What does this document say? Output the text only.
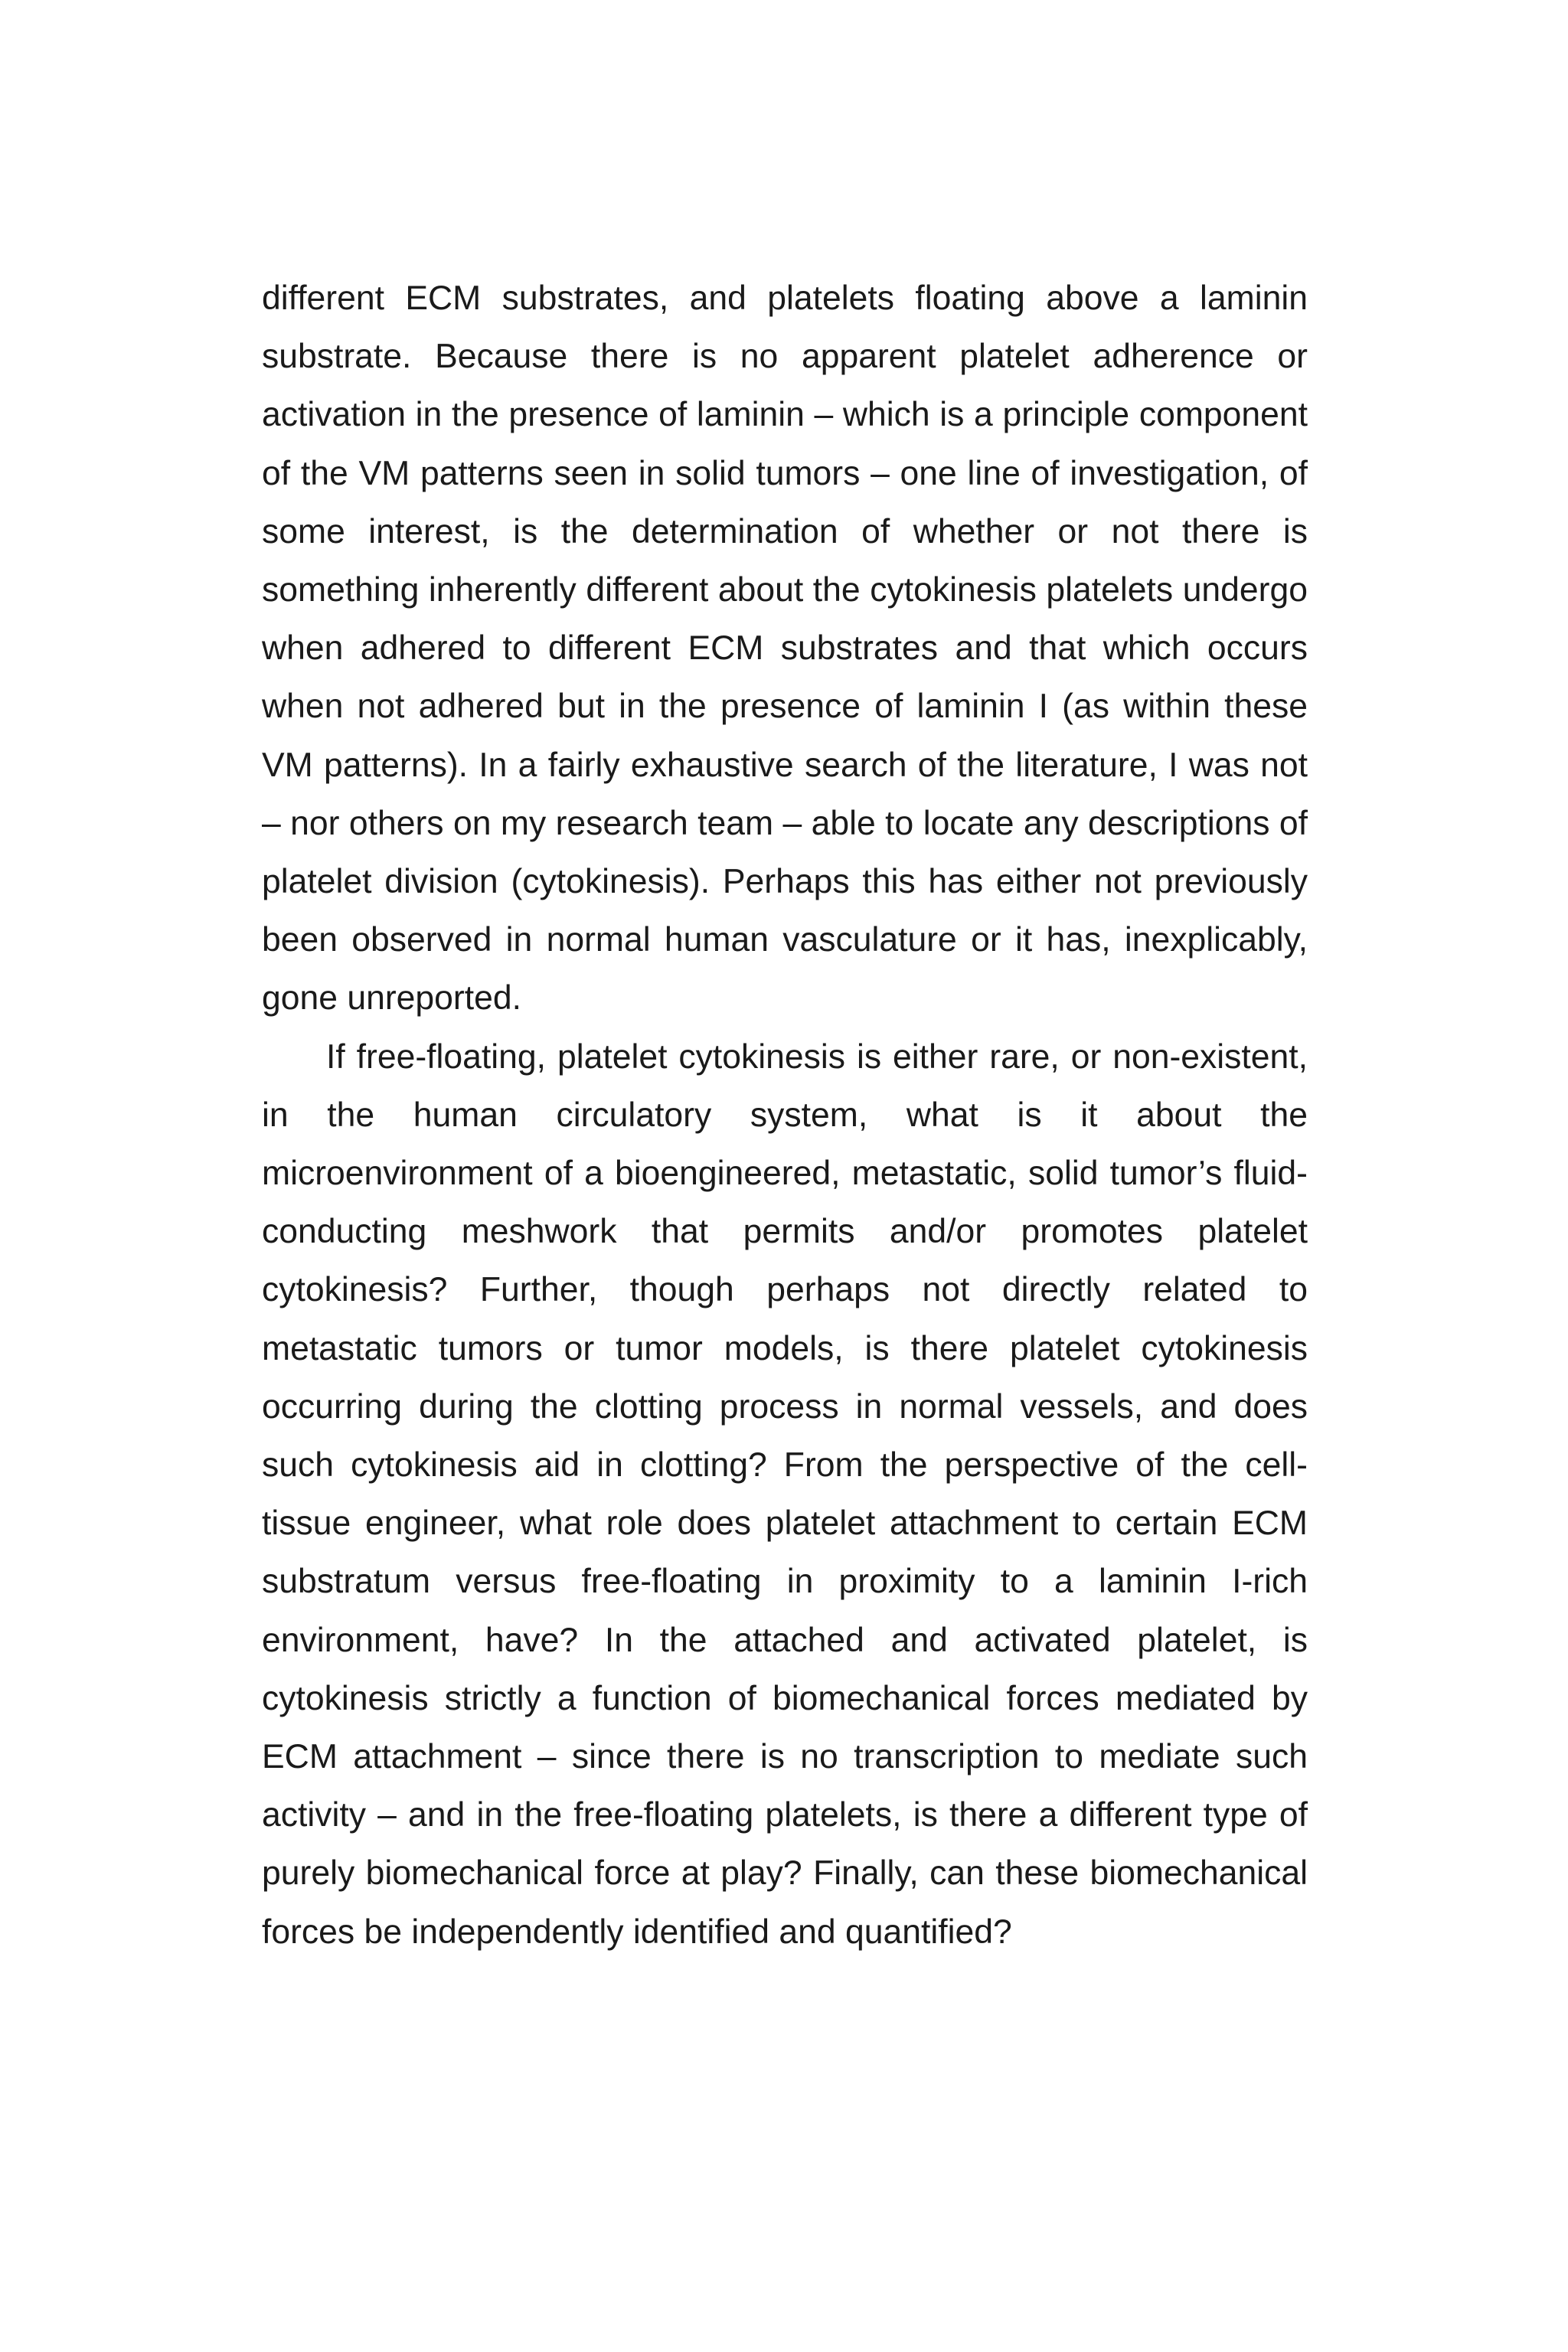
different ECM substrates, and platelets floating above a laminin substrate. Because there is no apparent platelet adherence or activation in the presence of laminin – which is a principle component of the VM patterns seen in solid tumors – one line of investigation, of some interest, is the determination of whether or not there is something inherently different about the cytokinesis platelets undergo when adhered to different ECM substrates and that which occurs when not adhered but in the presence of laminin I (as within these VM patterns). In a fairly exhaustive search of the literature, I was not – nor others on my research team – able to locate any descriptions of platelet division (cytokinesis). Perhaps this has either not previously been observed in normal human vasculature or it has, inexplicably, gone unreported.

If free-floating, platelet cytokinesis is either rare, or non-existent, in the human circulatory system, what is it about the microenvironment of a bioengineered, metastatic, solid tumor’s fluid-conducting meshwork that permits and/or promotes platelet cytokinesis? Further, though perhaps not directly related to metastatic tumors or tumor models, is there platelet cytokinesis occurring during the clotting process in normal vessels, and does such cytokinesis aid in clotting? From the perspective of the cell-tissue engineer, what role does platelet attachment to certain ECM substratum versus free-floating in proximity to a laminin I-rich environment, have? In the attached and activated platelet, is cytokinesis strictly a function of biomechanical forces mediated by ECM attachment – since there is no transcription to mediate such activity – and in the free-floating platelets, is there a different type of purely biomechanical force at play? Finally, can these biomechanical forces be independently identified and quantified?
